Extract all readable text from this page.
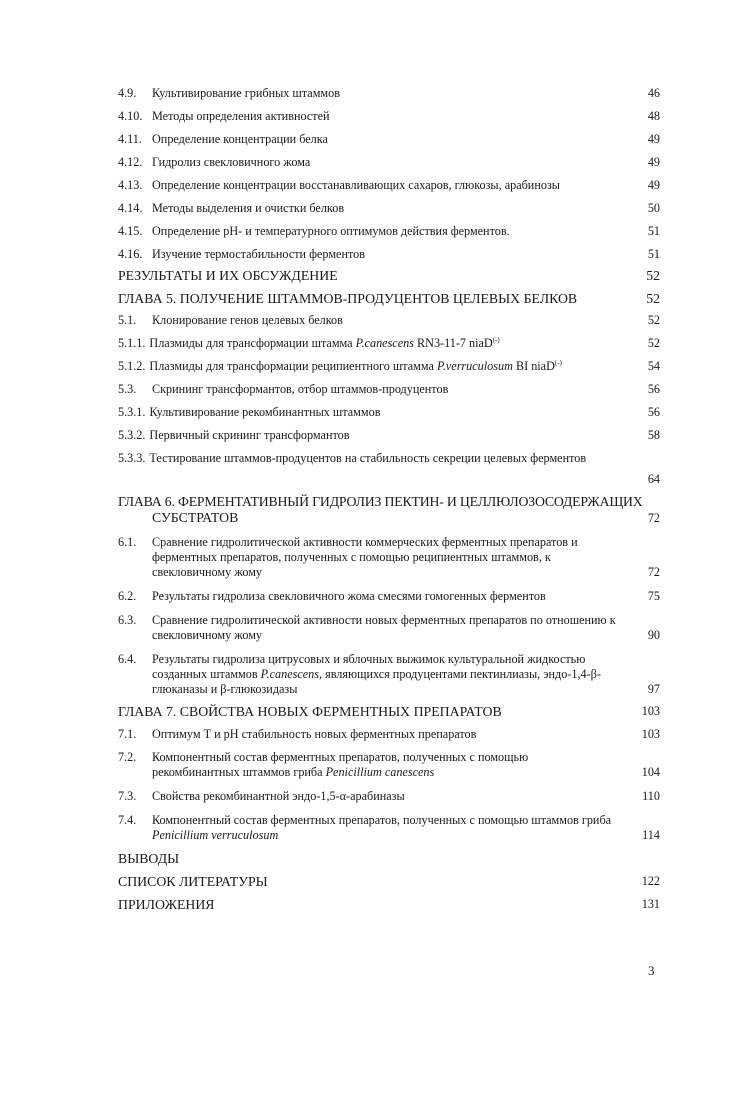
4.9.	Культивирование грибных штаммов	46
4.10. Методы определения активностей	48
4.11. Определение концентрации белка	49
4.12. Гидролиз свекловичного жома	49
4.13. Определение концентрации восстанавливающих сахаров, глюкозы, арабинозы	49
4.14. Методы выделения и очистки белков	50
4.15. Определение pH- и температурного оптимумов действия ферментов.	51
4.16. Изучение термостабильности ферментов	51
РЕЗУЛЬТАТЫ И ИХ ОБСУЖДЕНИЕ	52
ГЛАВА 5. ПОЛУЧЕНИЕ ШТАММОВ-ПРОДУЦЕНТОВ ЦЕЛЕВЫХ БЕЛКОВ	52
5.1.	Клонирование генов целевых белков	52
5.1.1. Плазмиды для трансформации штамма P.canescens RN3-11-7 niaD(-)	52
5.1.2. Плазмиды для трансформации реципиентного штамма P.verruculosum BI niaD(-)	54
5.3.	Скрининг трансформантов, отбор штаммов-продуцентов	56
5.3.1. Культивирование рекомбинантных штаммов	56
5.3.2. Первичный скрининг трансформантов	58
5.3.3. Тестирование штаммов-продуцентов на стабильность секреции целевых ферментов
64
ГЛАВА 6. ФЕРМЕНТАТИВНЫЙ ГИДРОЛИЗ ПЕКТИН- И ЦЕЛЛЮЛОЗОСОДЕРЖАЩИХ
СУБСТРАТОВ	72
6.1.	Сравнение гидролитической активности коммерческих ферментных препаратов и ферментных препаратов, полученных с помощью реципиентных штаммов, к свекловичному жому	72
6.2.	Результаты гидролиза свекловичного жома смесями гомогенных ферментов	75
6.3.	Сравнение гидролитической активности новых ферментных препаратов по отношению к свекловичному жому	90
6.4.	Результаты гидролиза цитрусовых и яблочных выжимок культуральной жидкостью созданных штаммов P.canescens, являющихся продуцентами пектинлиазы, эндо-1,4-β-глюканазы и β-глюкозидазы	97
ГЛАВА 7. СВОЙСТВА НОВЫХ ФЕРМЕНТНЫХ ПРЕПАРАТОВ	103
7.1.	Оптимум Т и pH стабильность новых ферментных препаратов	103
7.2.	Компонентный состав ферментных препаратов, полученных с помощью рекомбинантных штаммов гриба Penicillium canescens	104
7.3.	Свойства рекомбинантной эндо-1,5-α-арабиназы	110
7.4.	Компонентный состав ферментных препаратов, полученных с помощью штаммов гриба Penicillium verruculosum	114
ВЫВОДЫ
СПИСОК ЛИТЕРАТУРЫ	122
ПРИЛОЖЕНИЯ	131
3
